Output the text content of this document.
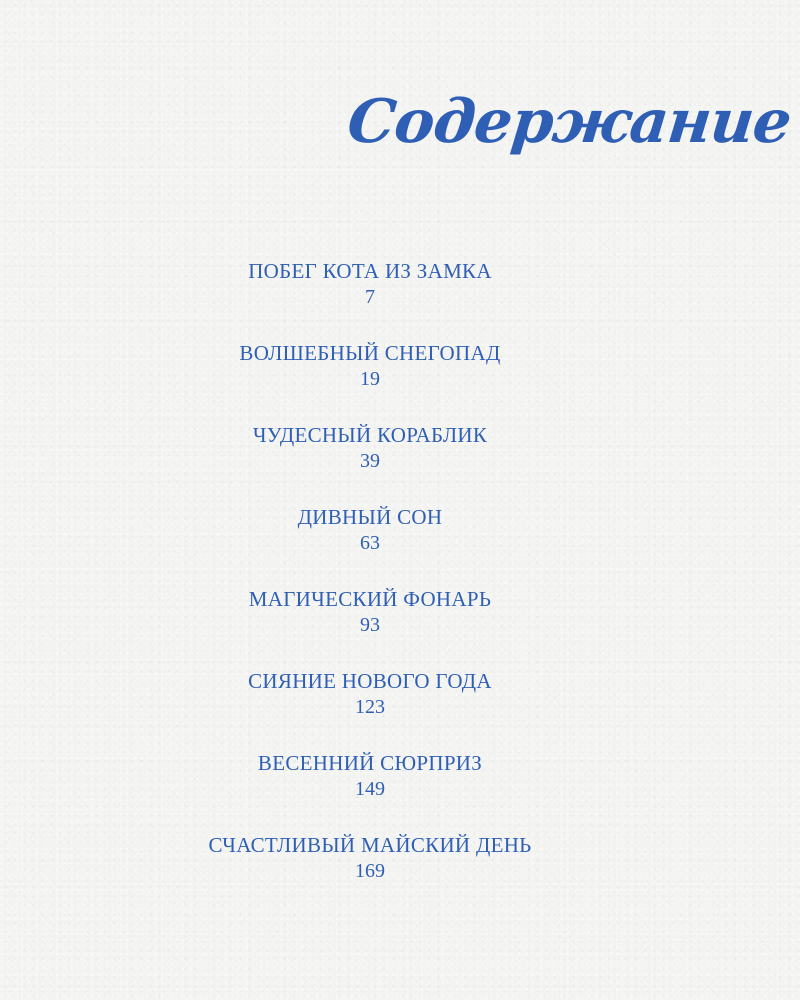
Содержание
ПОБЕГ КОТА ИЗ ЗАМКА
7
ВОЛШЕБНЫЙ СНЕГОПАД
19
ЧУДЕСНЫЙ КОРАБЛИК
39
ДИВНЫЙ СОН
63
МАГИЧЕСКИЙ ФОНАРЬ
93
СИЯНИЕ НОВОГО ГОДА
123
ВЕСЕННИЙ СЮРПРИЗ
149
СЧАСТЛИВЫЙ МАЙСКИЙ ДЕНЬ
169
